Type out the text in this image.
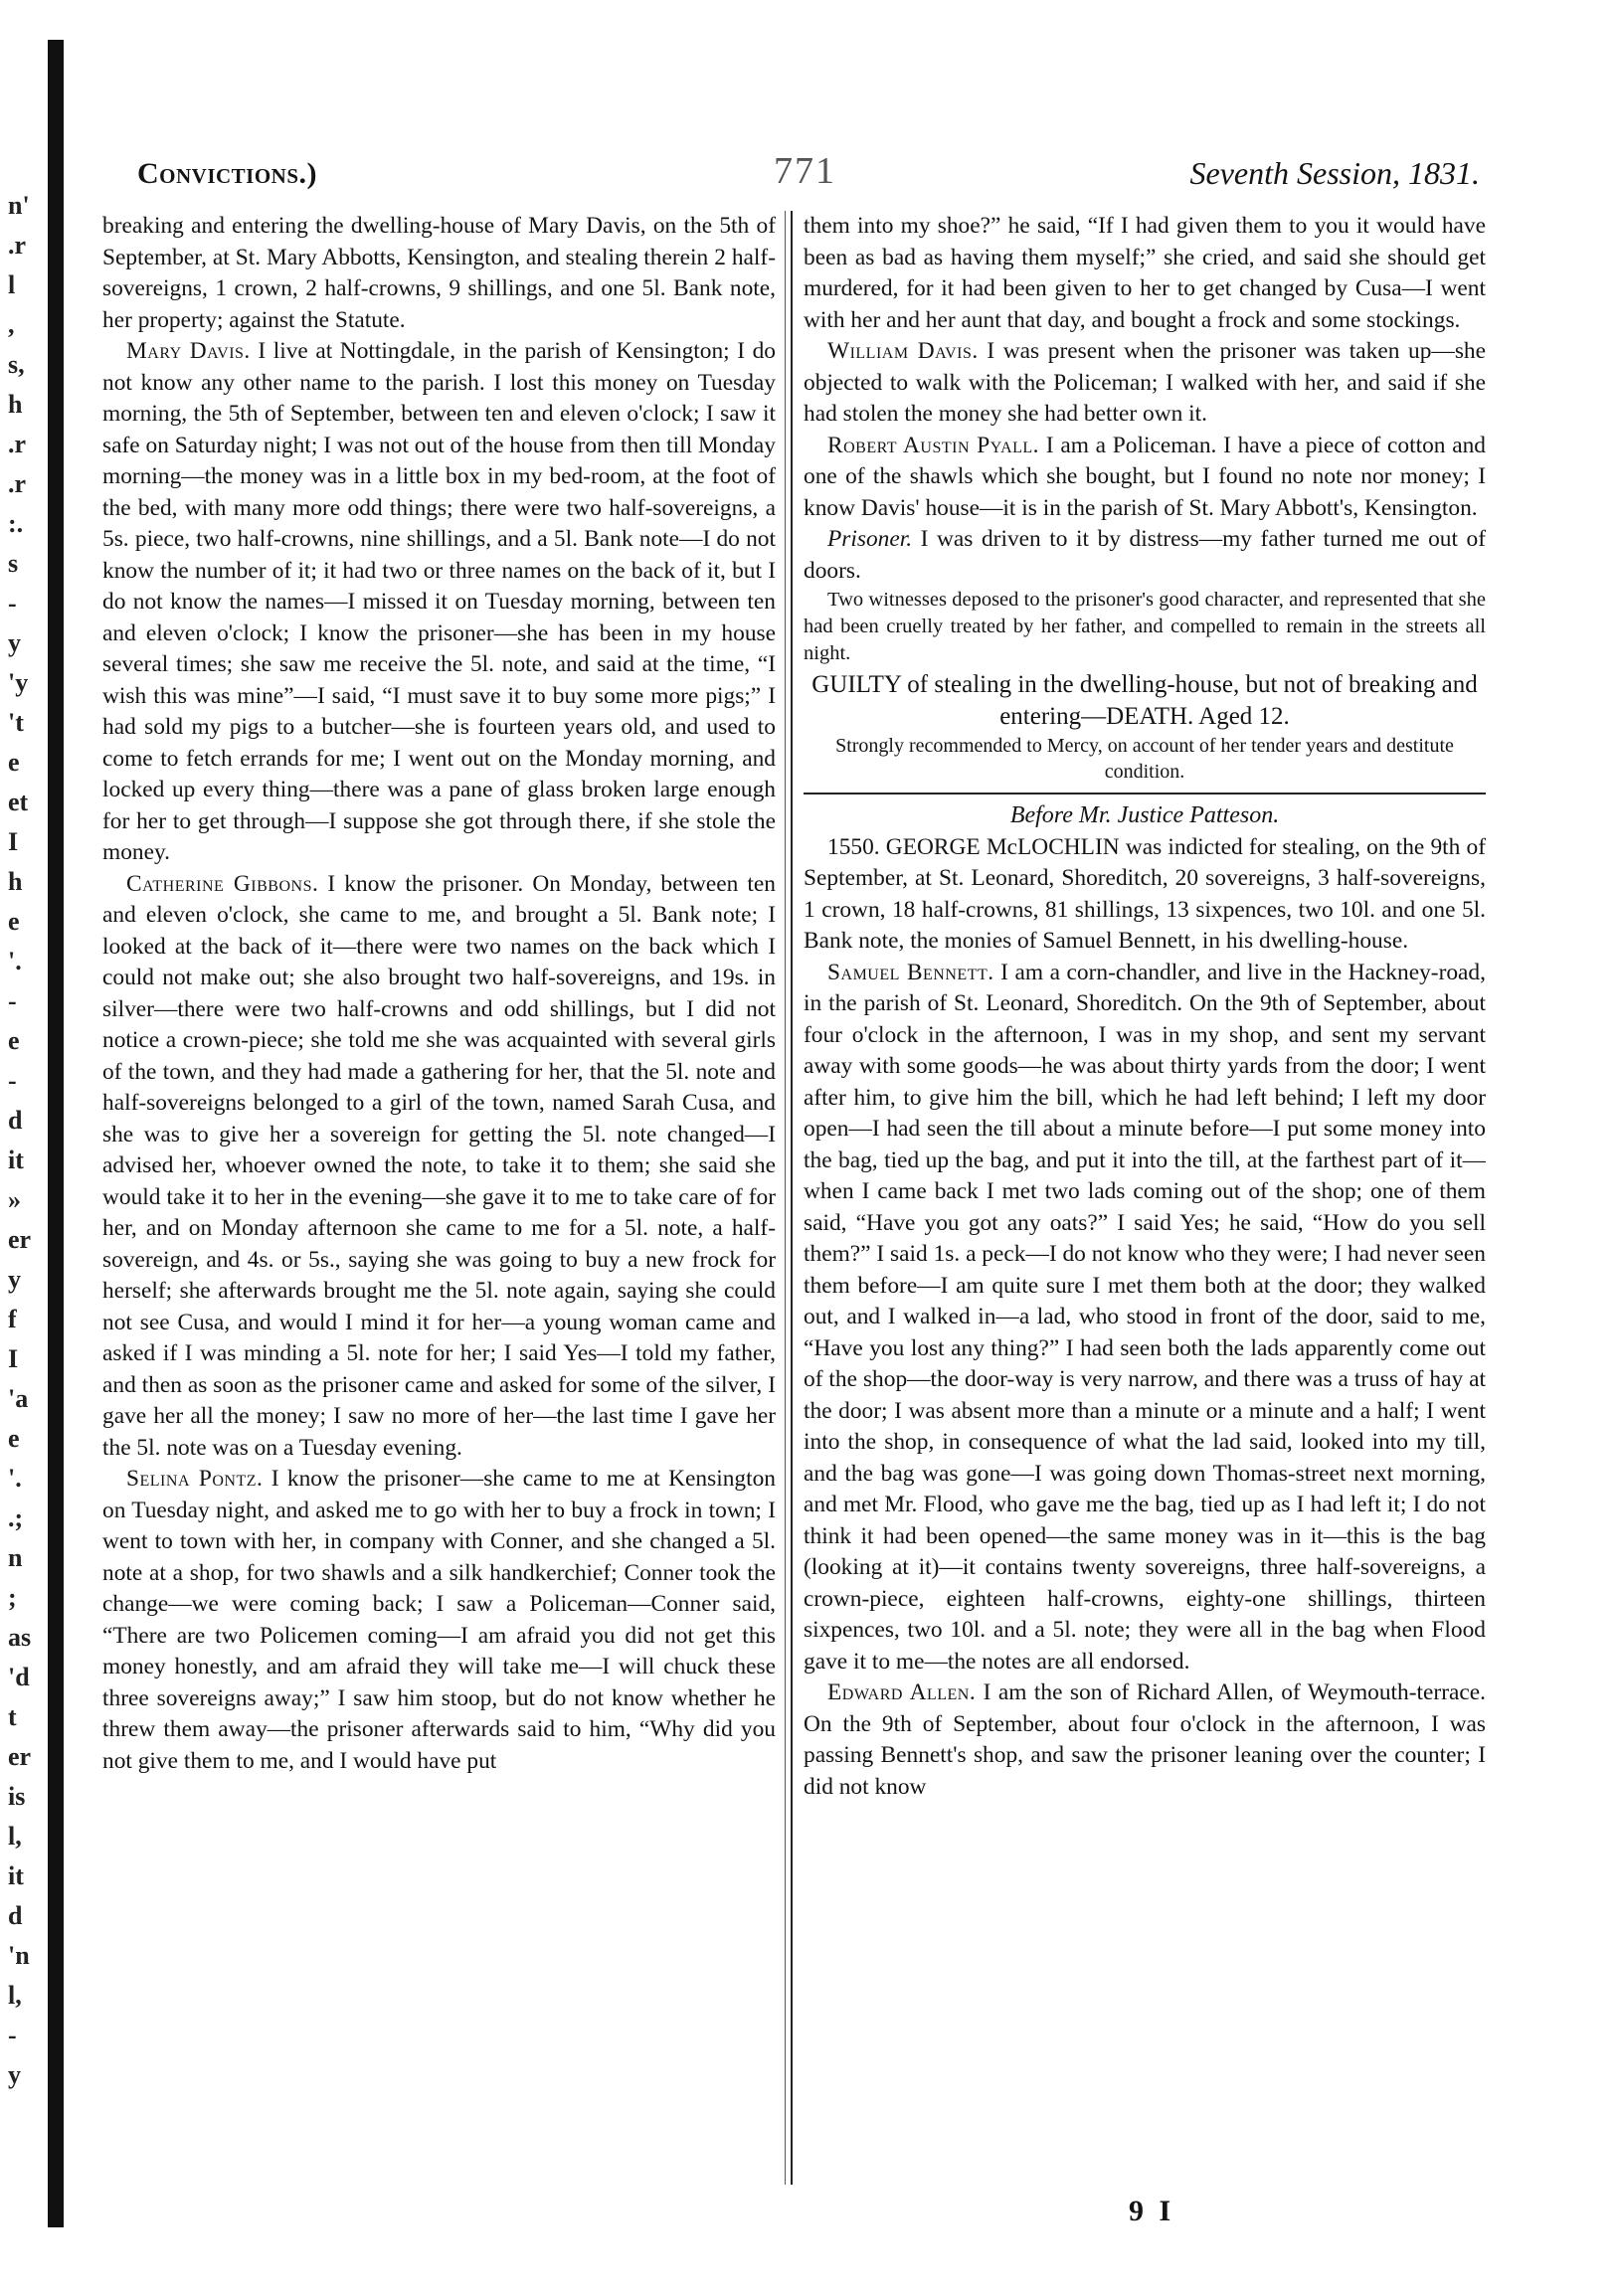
n'
.r
l
,
s,
h
.r
.r
:.
s
-
y
'y
't
e
et
I
h
e
'.
-
e
-
d
it
»
er
y
f
I
'a
e
'.
.;
n
;
as
'd
t
er
is
l,
it
d
'n
l,
-
y
Convictions.)	771	Seventh Session, 1831.

breaking and entering the dwelling-house of Mary Davis, on the 5th of September, at St. Mary Abbotts, Kensington, and stealing therein 2 half-sovereigns, 1 crown, 2 half-crowns, 9 shillings, and one 5l. Bank note, her property; against the Statute.

Mary Davis. I live at Nottingdale, in the parish of Kensington; I do not know any other name to the parish. I lost this money on Tuesday morning, the 5th of September, between ten and eleven o'clock; I saw it safe on Saturday night; I was not out of the house from then till Monday morning—the money was in a little box in my bed-room, at the foot of the bed, with many more odd things; there were two half-sovereigns, a 5s. piece, two half-crowns, nine shillings, and a 5l. Bank note—I do not know the number of it; it had two or three names on the back of it, but I do not know the names—I missed it on Tuesday morning, between ten and eleven o'clock; I know the prisoner—she has been in my house several times; she saw me receive the 5l. note, and said at the time, “I wish this was mine”—I said, “I must save it to buy some more pigs;” I had sold my pigs to a butcher—she is fourteen years old, and used to come to fetch errands for me; I went out on the Monday morning, and locked up every thing—there was a pane of glass broken large enough for her to get through—I suppose she got through there, if she stole the money.

Catherine Gibbons. I know the prisoner. On Monday, between ten and eleven o'clock, she came to me, and brought a 5l. Bank note; I looked at the back of it—there were two names on the back which I could not make out; she also brought two half-sovereigns, and 19s. in silver—there were two half-crowns and odd shillings, but I did not notice a crown-piece; she told me she was acquainted with several girls of the town, and they had made a gathering for her, that the 5l. note and half-sovereigns belonged to a girl of the town, named Sarah Cusa, and she was to give her a sovereign for getting the 5l. note changed—I advised her, whoever owned the note, to take it to them; she said she would take it to her in the evening—she gave it to me to take care of for her, and on Monday afternoon she came to me for a 5l. note, a half-sovereign, and 4s. or 5s., saying she was going to buy a new frock for herself; she afterwards brought me the 5l. note again, saying she could not see Cusa, and would I mind it for her—a young woman came and asked if I was minding a 5l. note for her; I said Yes—I told my father, and then as soon as the prisoner came and asked for some of the silver, I gave her all the money; I saw no more of her—the last time I gave her the 5l. note was on a Tuesday evening.

Selina Pontz. I know the prisoner—she came to me at Kensington on Tuesday night, and asked me to go with her to buy a frock in town; I went to town with her, in company with Conner, and she changed a 5l. note at a shop, for two shawls and a silk handkerchief; Conner took the change—we were coming back; I saw a Policeman—Conner said, “There are two Policemen coming—I am afraid you did not get this money honestly, and am afraid they will take me—I will chuck these three sovereigns away;” I saw him stoop, but do not know whether he threw them away—the prisoner afterwards said to him, “Why did you not give them to me, and I would have put

them into my shoe?” he said, “If I had given them to you it would have been as bad as having them myself;” she cried, and said she should get murdered, for it had been given to her to get changed by Cusa—I went with her and her aunt that day, and bought a frock and some stockings.

William Davis. I was present when the prisoner was taken up—she objected to walk with the Policeman; I walked with her, and said if she had stolen the money she had better own it.

Robert Austin Pyall. I am a Policeman. I have a piece of cotton and one of the shawls which she bought, but I found no note nor money; I know Davis' house—it is in the parish of St. Mary Abbott's, Kensington.

Prisoner. I was driven to it by distress—my father turned me out of doors.

Two witnesses deposed to the prisoner's good character, and represented that she had been cruelly treated by her father, and compelled to remain in the streets all night.

GUILTY of stealing in the dwelling-house, but not of breaking and entering—DEATH. Aged 12.

Strongly recommended to Mercy, on account of her tender years and destitute condition.

Before Mr. Justice Patteson.

1550. GEORGE McLOCHLIN was indicted for stealing, on the 9th of September, at St. Leonard, Shoreditch, 20 sovereigns, 3 half-sovereigns, 1 crown, 18 half-crowns, 81 shillings, 13 sixpences, two 10l. and one 5l. Bank note, the monies of Samuel Bennett, in his dwelling-house.

Samuel Bennett. I am a corn-chandler, and live in the Hackney-road, in the parish of St. Leonard, Shoreditch. On the 9th of September, about four o'clock in the afternoon, I was in my shop, and sent my servant away with some goods—he was about thirty yards from the door; I went after him, to give him the bill, which he had left behind; I left my door open—I had seen the till about a minute before—I put some money into the bag, tied up the bag, and put it into the till, at the farthest part of it—when I came back I met two lads coming out of the shop; one of them said, “Have you got any oats?” I said Yes; he said, “How do you sell them?” I said 1s. a peck—I do not know who they were; I had never seen them before—I am quite sure I met them both at the door; they walked out, and I walked in—a lad, who stood in front of the door, said to me, “Have you lost any thing?” I had seen both the lads apparently come out of the shop—the door-way is very narrow, and there was a truss of hay at the door; I was absent more than a minute or a minute and a half; I went into the shop, in consequence of what the lad said, looked into my till, and the bag was gone—I was going down Thomas-street next morning, and met Mr. Flood, who gave me the bag, tied up as I had left it; I do not think it had been opened—the same money was in it—this is the bag (looking at it)—it contains twenty sovereigns, three half-sovereigns, a crown-piece, eighteen half-crowns, eighty-one shillings, thirteen sixpences, two 10l. and a 5l. note; they were all in the bag when Flood gave it to me—the notes are all endorsed.

Edward Allen. I am the son of Richard Allen, of Weymouth-terrace. On the 9th of September, about four o'clock in the afternoon, I was passing Bennett's shop, and saw the prisoner leaning over the counter; I did not know

9 I
